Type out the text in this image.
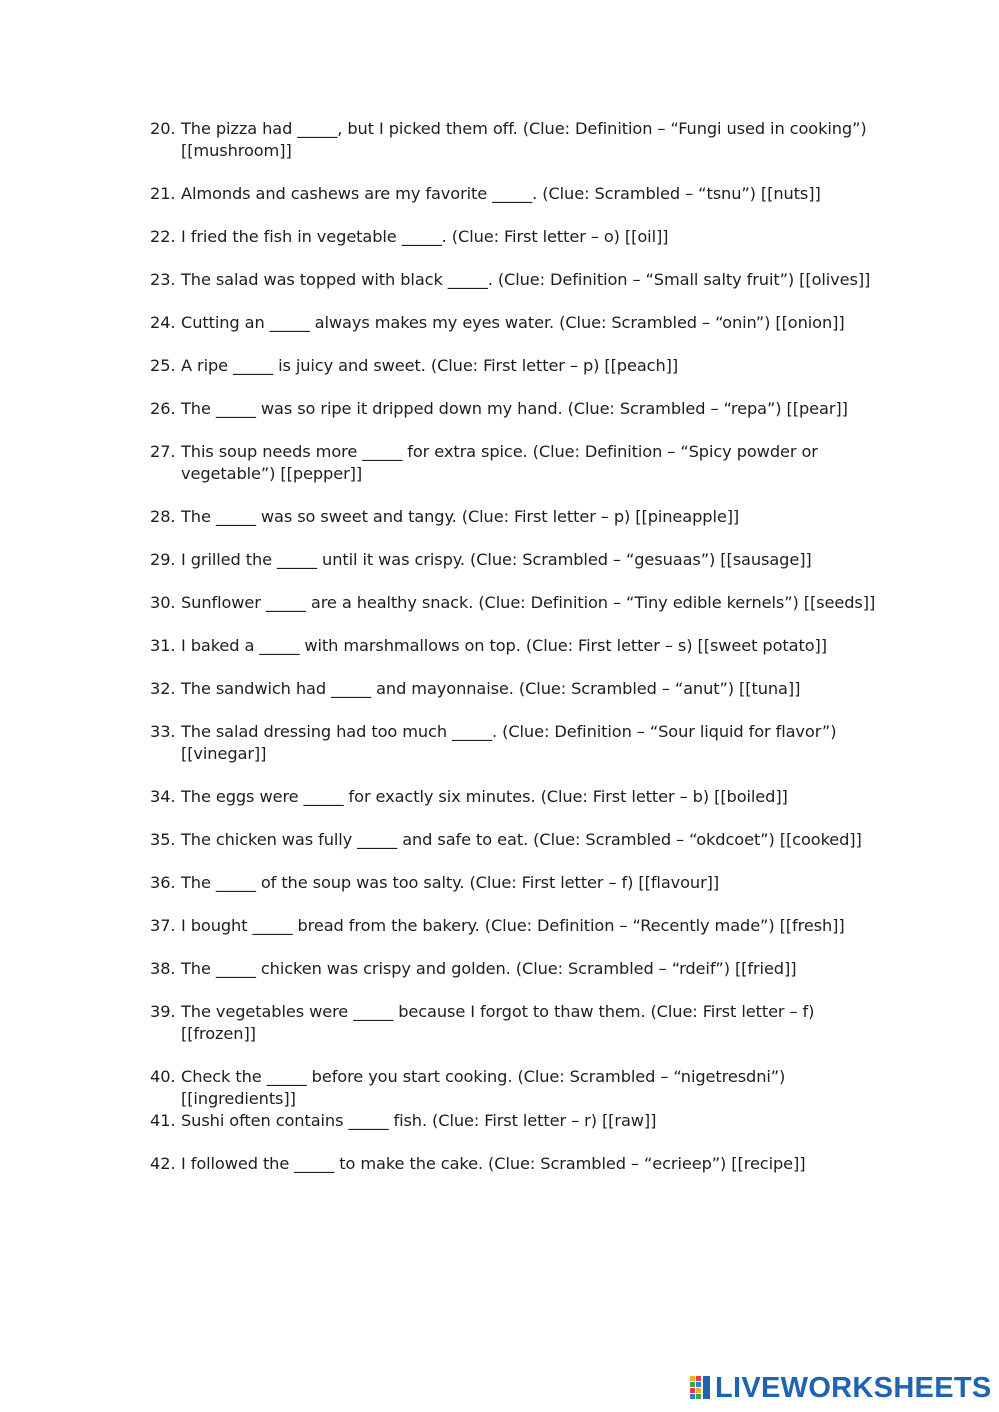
20. The pizza had _____, but I picked them off. (Clue: Definition – “Fungi used in cooking”) [[mushroom]]
21. Almonds and cashews are my favorite _____. (Clue: Scrambled – “tsnu”) [[nuts]]
22. I fried the fish in vegetable _____. (Clue: First letter – o) [[oil]]
23. The salad was topped with black _____. (Clue: Definition – “Small salty fruit”) [[olives]]
24. Cutting an _____ always makes my eyes water. (Clue: Scrambled – “onin”) [[onion]]
25. A ripe _____ is juicy and sweet. (Clue: First letter – p) [[peach]]
26. The _____ was so ripe it dripped down my hand. (Clue: Scrambled – “repa”) [[pear]]
27. This soup needs more _____ for extra spice. (Clue: Definition – “Spicy powder or vegetable”) [[pepper]]
28. The _____ was so sweet and tangy. (Clue: First letter – p) [[pineapple]]
29. I grilled the _____ until it was crispy. (Clue: Scrambled – “gesuaas”) [[sausage]]
30. Sunflower _____ are a healthy snack. (Clue: Definition – “Tiny edible kernels”) [[seeds]]
31. I baked a _____ with marshmallows on top. (Clue: First letter – s) [[sweet potato]]
32. The sandwich had _____ and mayonnaise. (Clue: Scrambled – “anut”) [[tuna]]
33. The salad dressing had too much _____. (Clue: Definition – “Sour liquid for flavor”) [[vinegar]]
34. The eggs were _____ for exactly six minutes. (Clue: First letter – b) [[boiled]]
35. The chicken was fully _____ and safe to eat. (Clue: Scrambled – “okdcoet”) [[cooked]]
36. The _____ of the soup was too salty. (Clue: First letter – f) [[flavour]]
37. I bought _____ bread from the bakery. (Clue: Definition – “Recently made”) [[fresh]]
38. The _____ chicken was crispy and golden. (Clue: Scrambled – “rdeif”) [[fried]]
39. The vegetables were _____ because I forgot to thaw them. (Clue: First letter – f) [[frozen]]
40. Check the _____ before you start cooking. (Clue: Scrambled – “nigetresdni”) [[ingredients]]
41. Sushi often contains _____ fish. (Clue: First letter – r) [[raw]]
42. I followed the _____ to make the cake. (Clue: Scrambled – “ecrieep”) [[recipe]]
LIVEWORKSHEETS
